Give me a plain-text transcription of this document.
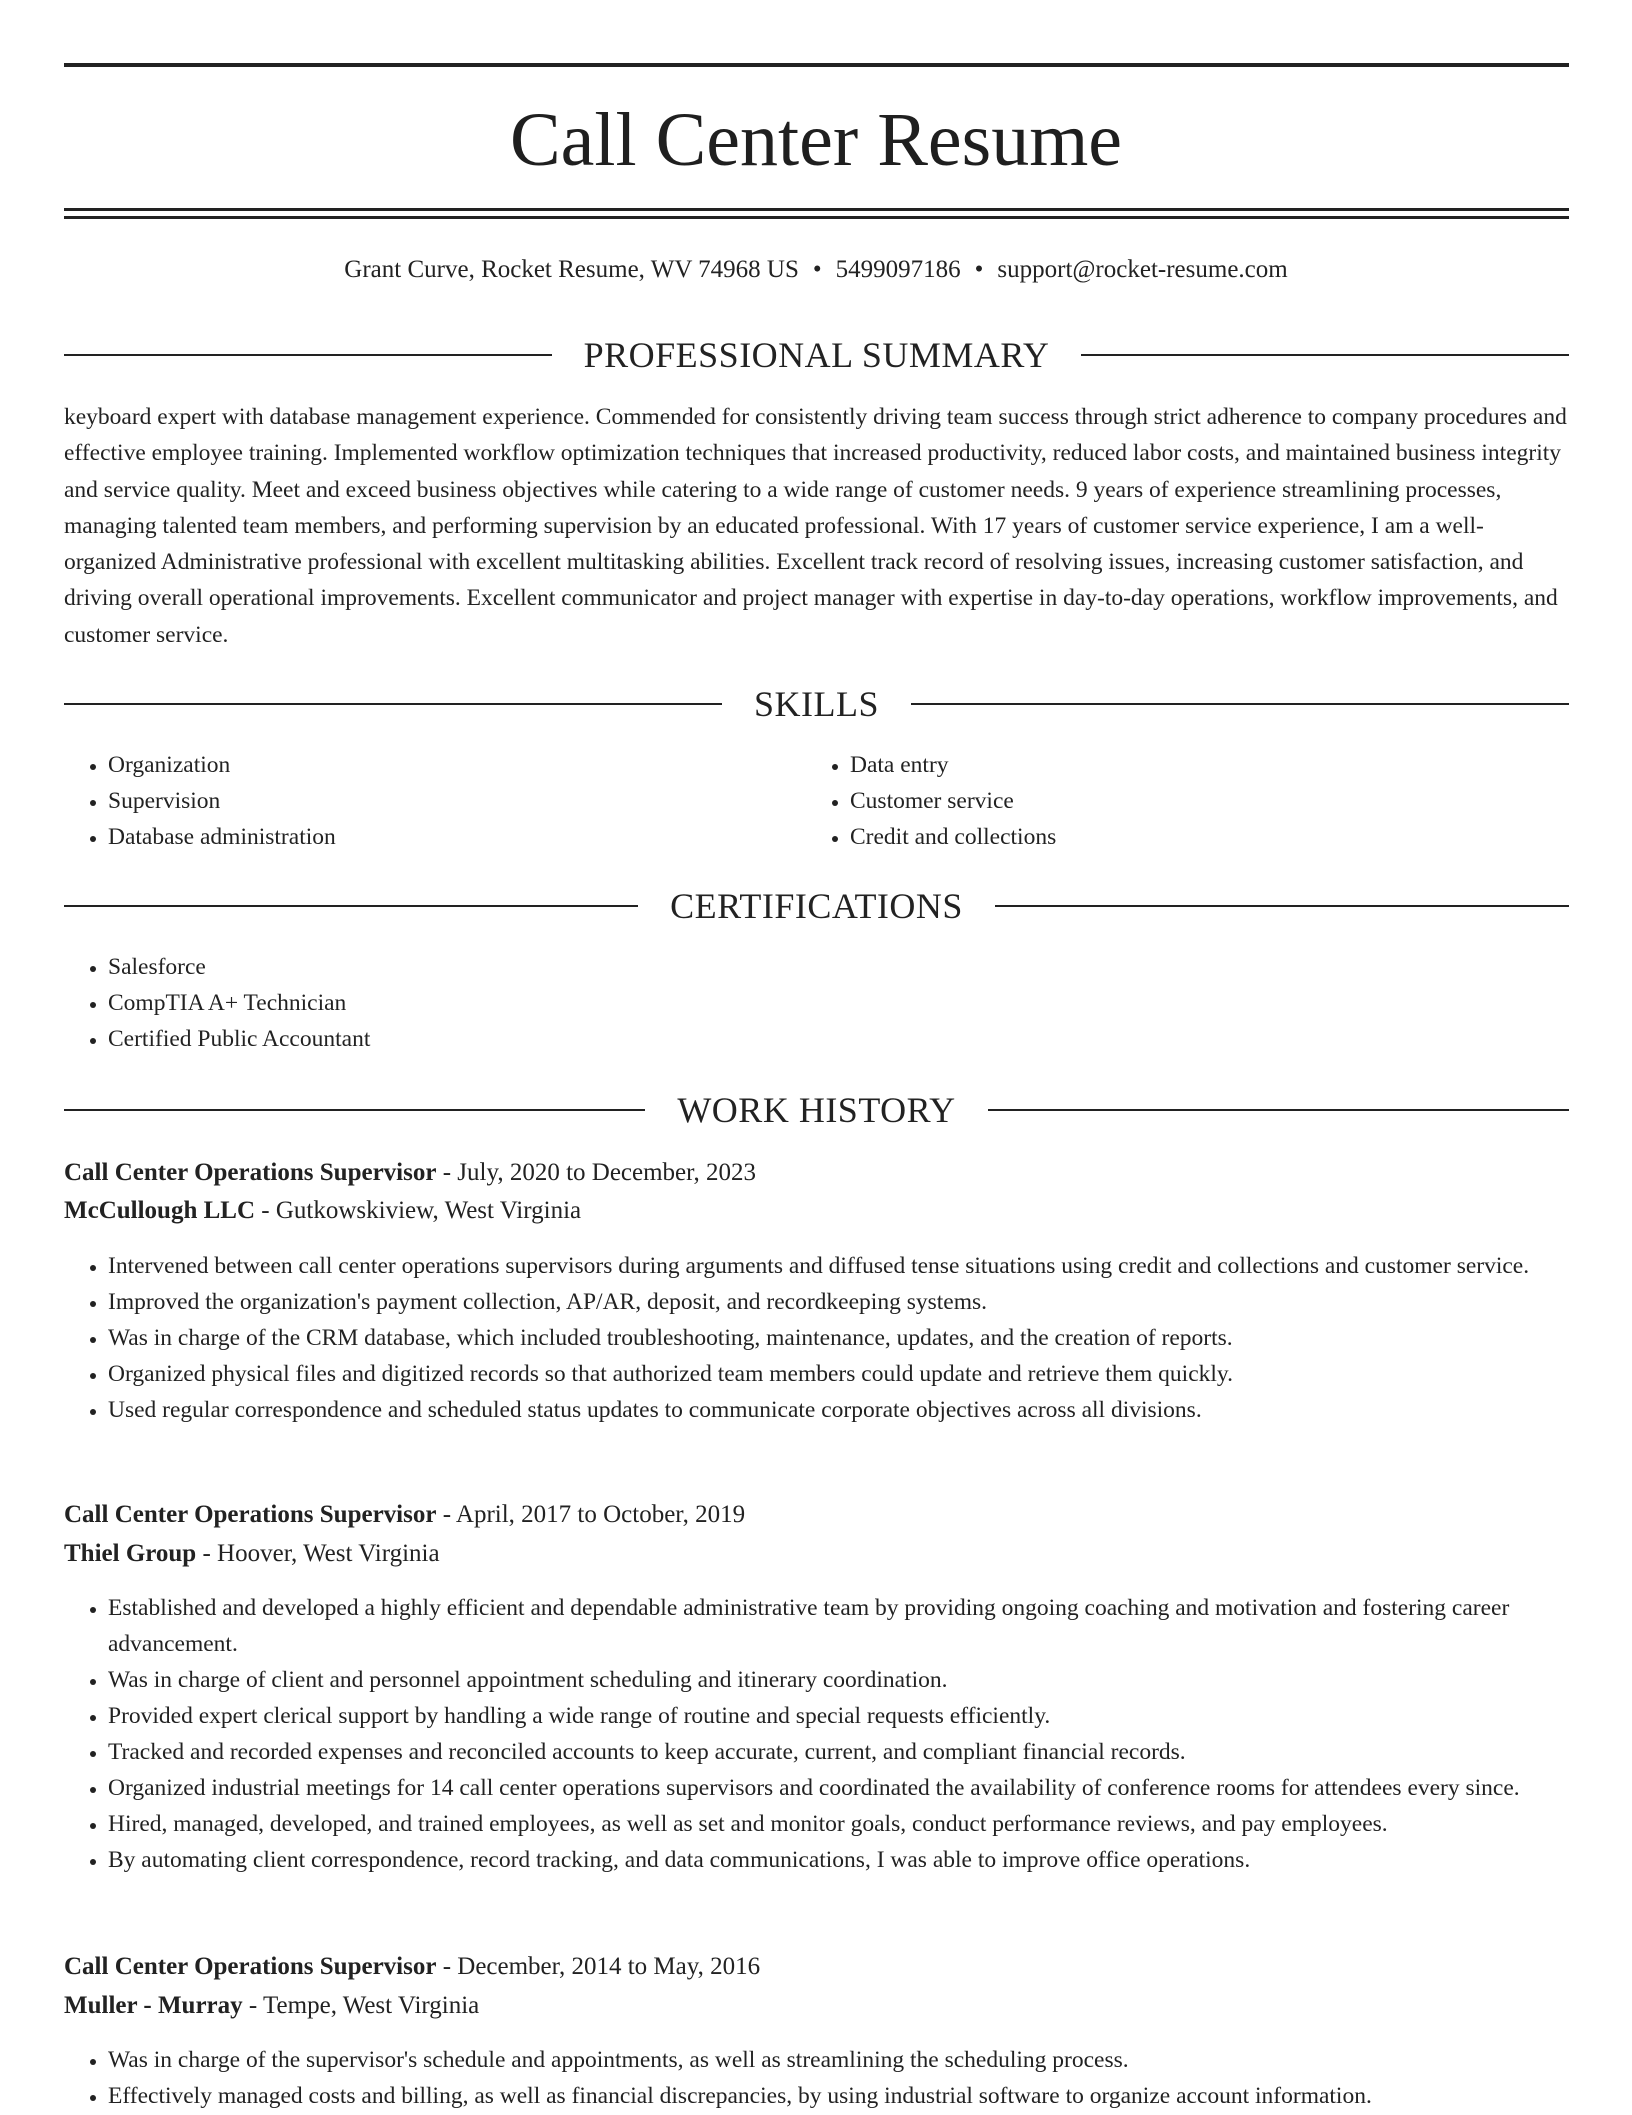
Call Center Resume
Grant Curve, Rocket Resume, WV 74968 US • 5499097186 • support@rocket-resume.com
PROFESSIONAL SUMMARY
keyboard expert with database management experience. Commended for consistently driving team success through strict adherence to company procedures and effective employee training. Implemented workflow optimization techniques that increased productivity, reduced labor costs, and maintained business integrity and service quality. Meet and exceed business objectives while catering to a wide range of customer needs. 9 years of experience streamlining processes, managing talented team members, and performing supervision by an educated professional. With 17 years of customer service experience, I am a well-organized Administrative professional with excellent multitasking abilities. Excellent track record of resolving issues, increasing customer satisfaction, and driving overall operational improvements. Excellent communicator and project manager with expertise in day-to-day operations, workflow improvements, and customer service.
SKILLS
• Organization
• Supervision
• Database administration
• Data entry
• Customer service
• Credit and collections
CERTIFICATIONS
• Salesforce
• CompTIA A+ Technician
• Certified Public Accountant
WORK HISTORY
Call Center Operations Supervisor - July, 2020 to December, 2023
McCullough LLC - Gutkowskiview, West Virginia
• Intervened between call center operations supervisors during arguments and diffused tense situations using credit and collections and customer service.
• Improved the organization's payment collection, AP/AR, deposit, and recordkeeping systems.
• Was in charge of the CRM database, which included troubleshooting, maintenance, updates, and the creation of reports.
• Organized physical files and digitized records so that authorized team members could update and retrieve them quickly.
• Used regular correspondence and scheduled status updates to communicate corporate objectives across all divisions.
Call Center Operations Supervisor - April, 2017 to October, 2019
Thiel Group - Hoover, West Virginia
• Established and developed a highly efficient and dependable administrative team by providing ongoing coaching and motivation and fostering career advancement.
• Was in charge of client and personnel appointment scheduling and itinerary coordination.
• Provided expert clerical support by handling a wide range of routine and special requests efficiently.
• Tracked and recorded expenses and reconciled accounts to keep accurate, current, and compliant financial records.
• Organized industrial meetings for 14 call center operations supervisors and coordinated the availability of conference rooms for attendees every since.
• Hired, managed, developed, and trained employees, as well as set and monitor goals, conduct performance reviews, and pay employees.
• By automating client correspondence, record tracking, and data communications, I was able to improve office operations.
Call Center Operations Supervisor - December, 2014 to May, 2016
Muller - Murray - Tempe, West Virginia
• Was in charge of the supervisor's schedule and appointments, as well as streamlining the scheduling process.
• Effectively managed costs and billing, as well as financial discrepancies, by using industrial software to organize account information.
